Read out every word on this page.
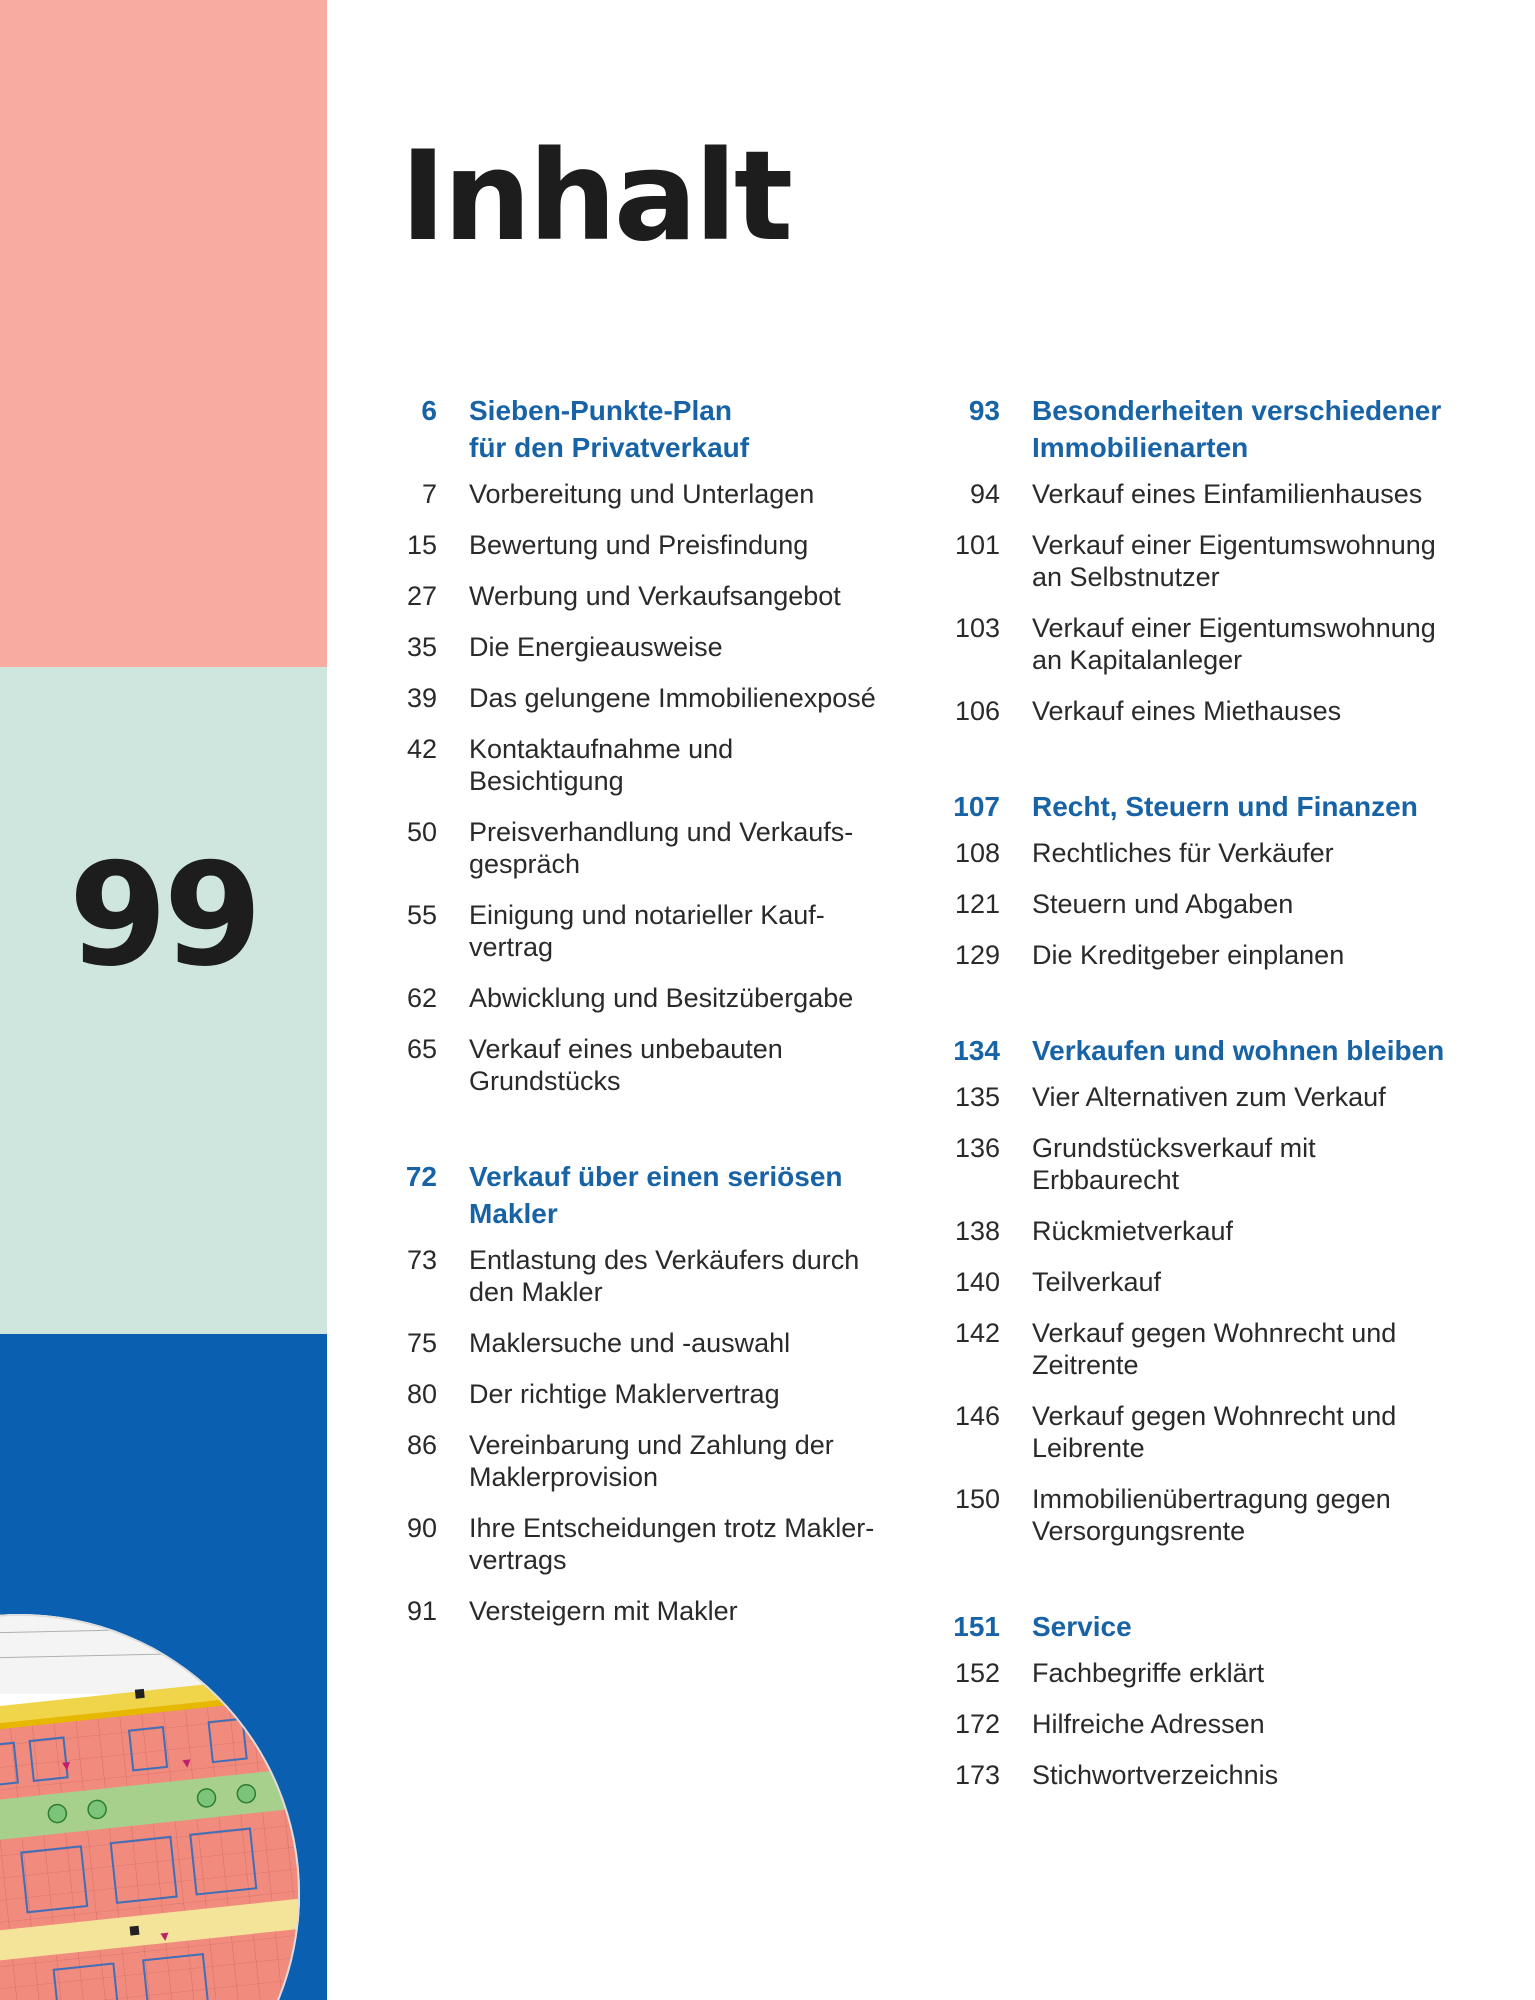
99
Inhalt
6 Sieben-Punkte-Plan
für den Privatverkauf
7 Vorbereitung und Unterlagen
15 Bewertung und Preisfindung
27 Werbung und Verkaufsangebot
35 Die Energieausweise
39 Das gelungene Immobilienexposé
42 Kontaktaufnahme und
Besichtigung
50 Preisverhandlung und Verkaufs-
gespräch
55 Einigung und notarieller Kauf-
vertrag
62 Abwicklung und Besitzübergabe
65 Verkauf eines unbebauten
Grundstücks
72 Verkauf über einen seriösen
Makler
73 Entlastung des Verkäufers durch
den Makler
75 Maklersuche und -auswahl
80 Der richtige Maklervertrag
86 Vereinbarung und Zahlung der
Maklerprovision
90 Ihre Entscheidungen trotz Makler-
vertrags
91 Versteigern mit Makler
93 Besonderheiten verschiedener
Immobilienarten
94 Verkauf eines Einfamilienhauses
101 Verkauf einer Eigentumswohnung
an Selbstnutzer
103 Verkauf einer Eigentumswohnung
an Kapitalanleger
106 Verkauf eines Miethauses
107 Recht, Steuern und Finanzen
108 Rechtliches für Verkäufer
121 Steuern und Abgaben
129 Die Kreditgeber einplanen
134 Verkaufen und wohnen bleiben
135 Vier Alternativen zum Verkauf
136 Grundstücksverkauf mit
Erbbaurecht
138 Rückmietverkauf
140 Teilverkauf
142 Verkauf gegen Wohnrecht und
Zeitrente
146 Verkauf gegen Wohnrecht und
Leibrente
150 Immobilienübertragung gegen
Versorgungsrente
151 Service
152 Fachbegriffe erklärt
172 Hilfreiche Adressen
173 Stichwortverzeichnis
